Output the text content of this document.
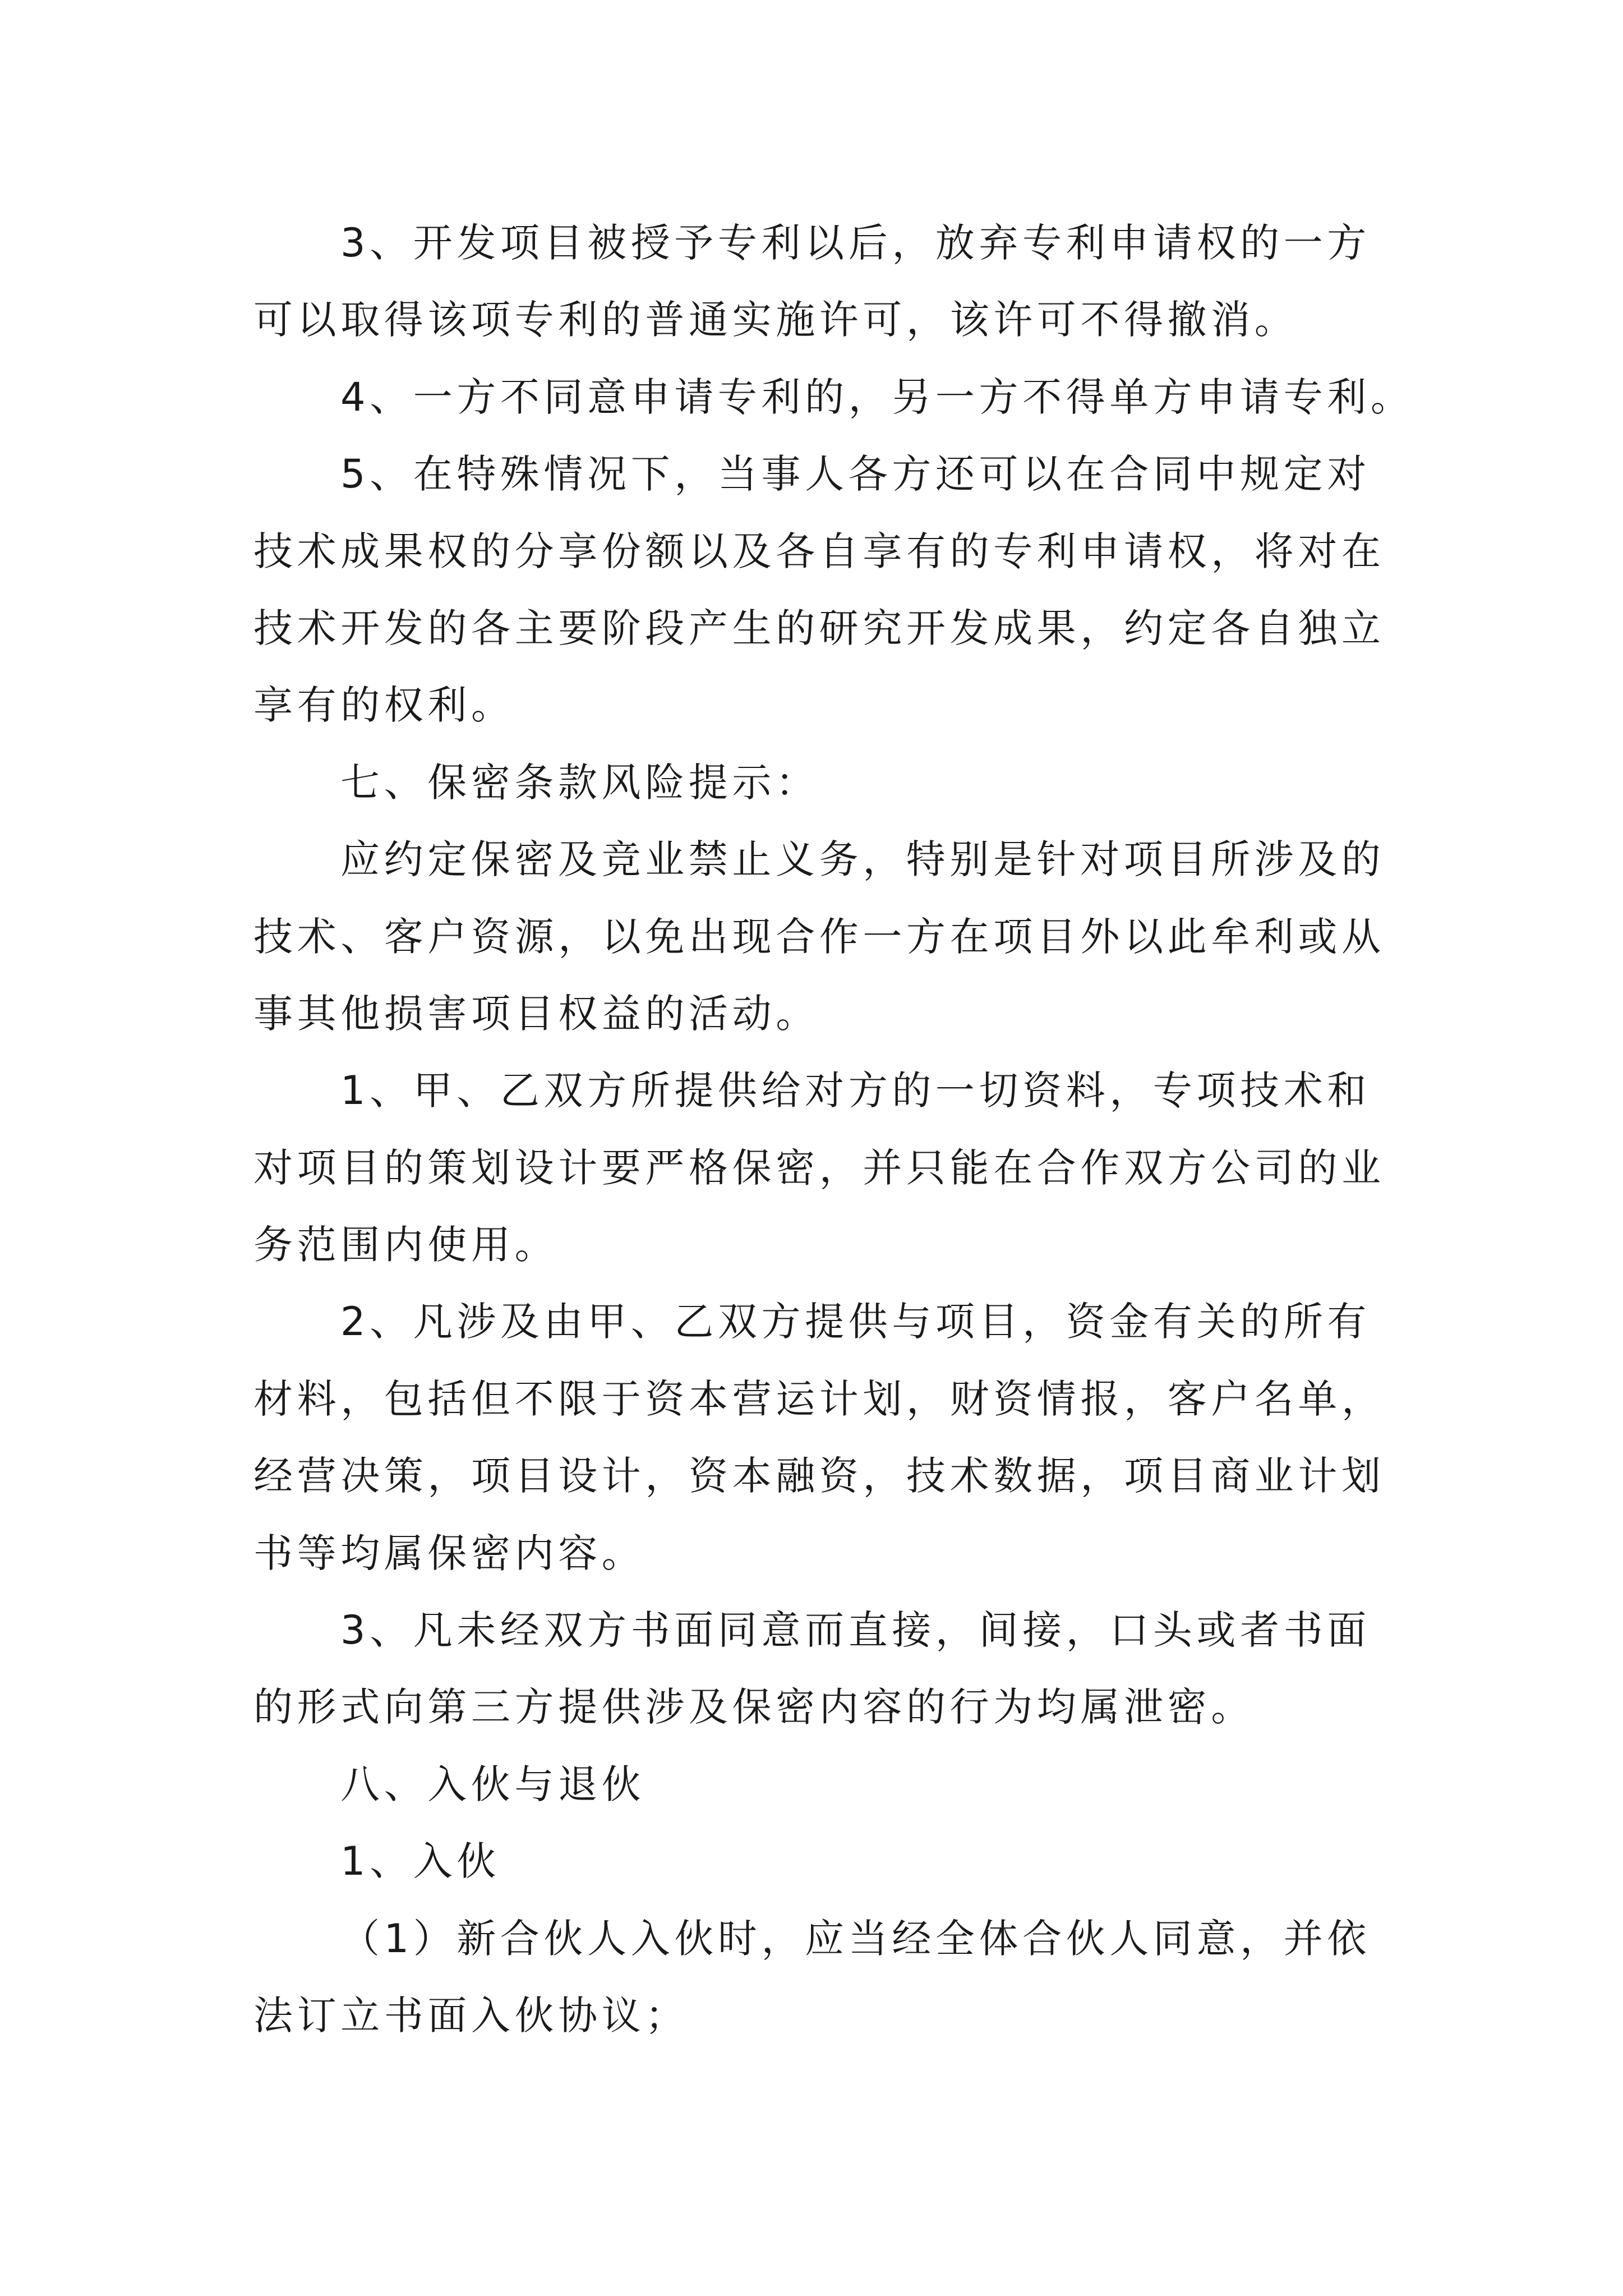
3、开发项目被授予专利以后，放弃专利申请权的一方
可以取得该项专利的普通实施许可，该许可不得撤消。
4、一方不同意申请专利的，另一方不得单方申请专利。
5、在特殊情况下，当事人各方还可以在合同中规定对
技术成果权的分享份额以及各自享有的专利申请权，将对在
技术开发的各主要阶段产生的研究开发成果，约定各自独立
享有的权利。
七、保密条款风险提示：
应约定保密及竞业禁止义务，特别是针对项目所涉及的
技术、客户资源，以免出现合作一方在项目外以此牟利或从
事其他损害项目权益的活动。
1、甲、乙双方所提供给对方的一切资料，专项技术和
对项目的策划设计要严格保密，并只能在合作双方公司的业
务范围内使用。
2、凡涉及由甲、乙双方提供与项目，资金有关的所有
材料，包括但不限于资本营运计划，财资情报，客户名单，
经营决策，项目设计，资本融资，技术数据，项目商业计划
书等均属保密内容。
3、凡未经双方书面同意而直接，间接，口头或者书面
的形式向第三方提供涉及保密内容的行为均属泄密。
八、入伙与退伙
1、入伙
（1）新合伙人入伙时，应当经全体合伙人同意，并依
法订立书面入伙协议；
